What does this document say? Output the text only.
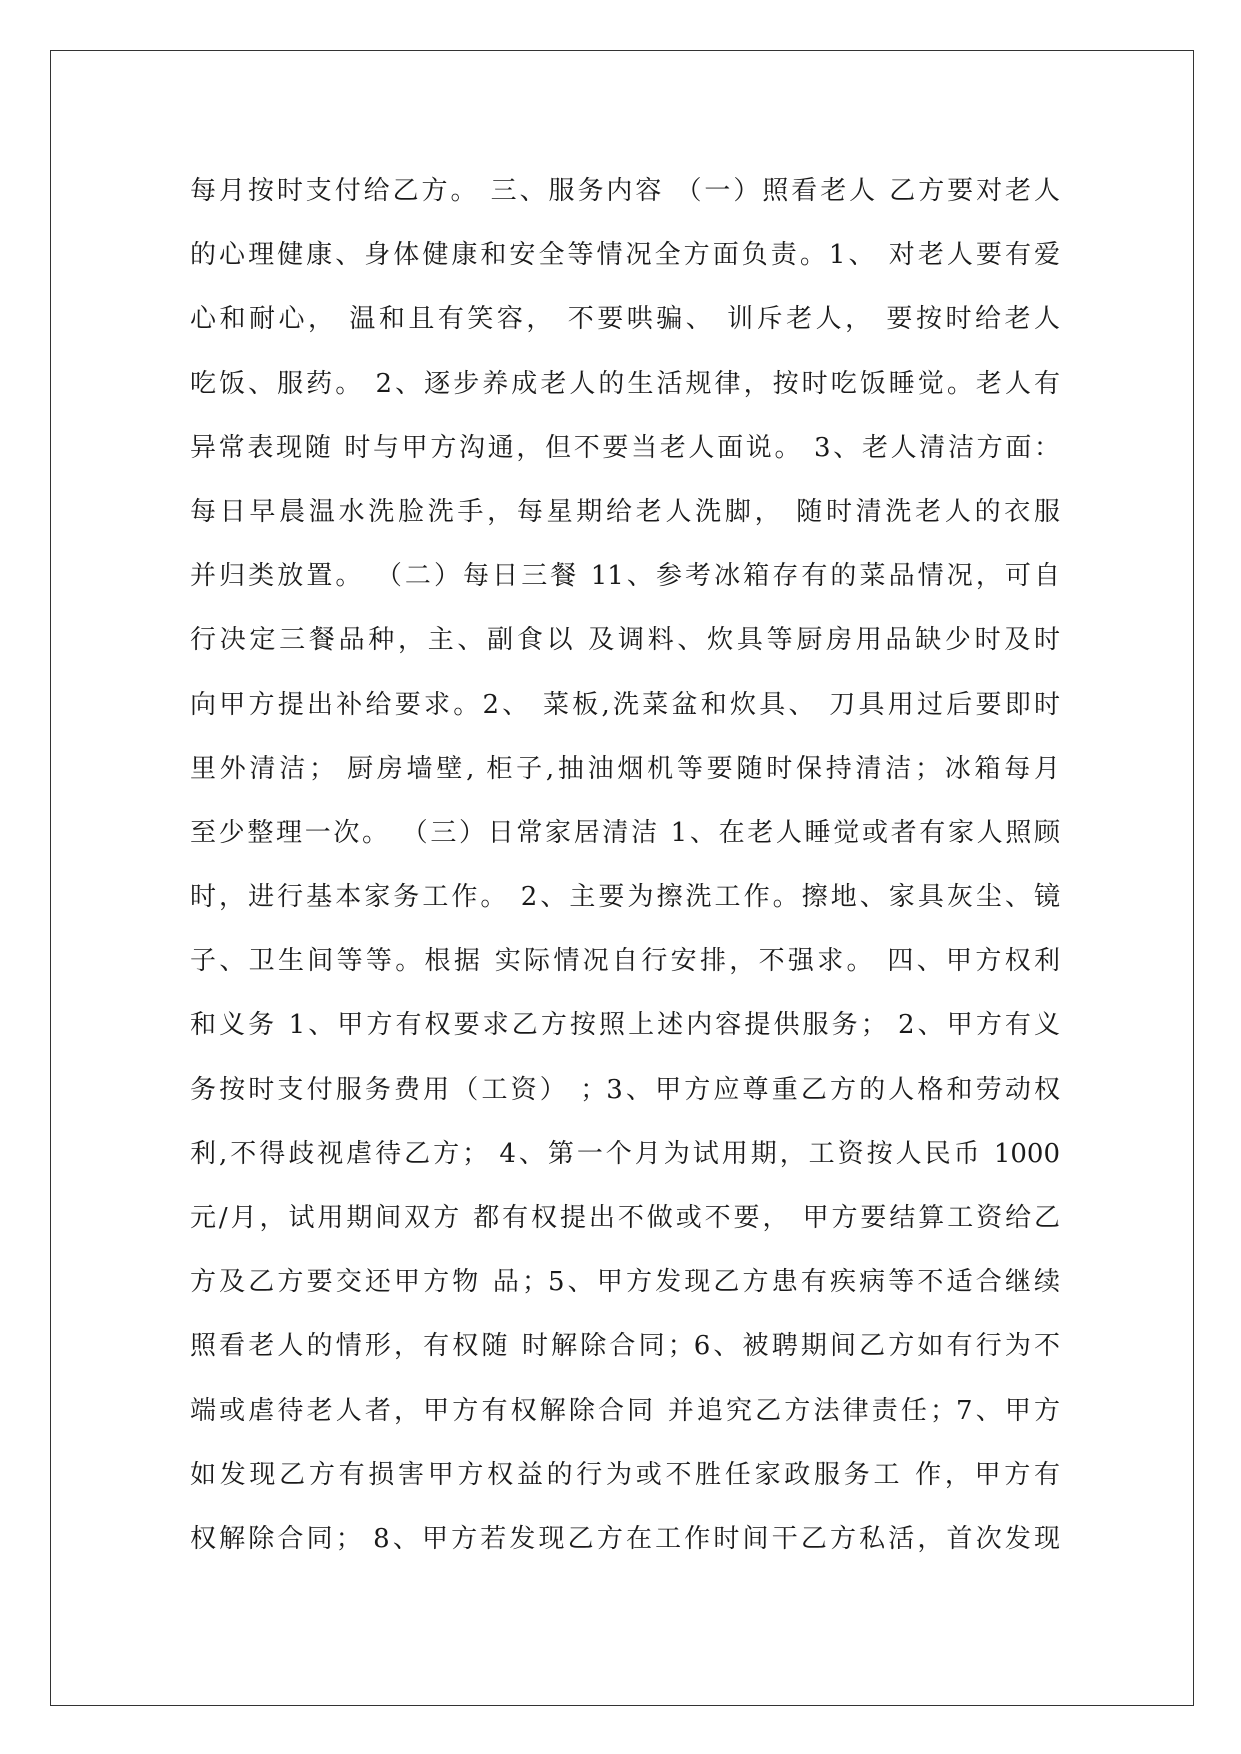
每月按时支付给乙方。 三、服务内容 （一）照看老人 乙方要对老人
的心理健康、身体健康和安全等情况全方面负责。1、 对老人要有爱
心和耐心， 温和且有笑容， 不要哄骗、 训斥老人， 要按时给老人
吃饭、服药。 2、逐步养成老人的生活规律，按时吃饭睡觉。老人有
异常表现随 时与甲方沟通，但不要当老人面说。 3、老人清洁方面：
每日早晨温水洗脸洗手，每星期给老人洗脚， 随时清洗老人的衣服
并归类放置。 （二）每日三餐 11、参考冰箱存有的菜品情况，可自
行决定三餐品种，主、副食以 及调料、炊具等厨房用品缺少时及时
向甲方提出补给要求。2、 菜板,洗菜盆和炊具、 刀具用过后要即时
里外清洁； 厨房墙壁, 柜子,抽油烟机等要随时保持清洁；冰箱每月
至少整理一次。 （三）日常家居清洁 1、在老人睡觉或者有家人照顾
时，进行基本家务工作。 2、主要为擦洗工作。擦地、家具灰尘、镜
子、卫生间等等。根据 实际情况自行安排，不强求。 四、甲方权利
和义务 1、甲方有权要求乙方按照上述内容提供服务； 2、甲方有义
务按时支付服务费用（工资） ；3、甲方应尊重乙方的人格和劳动权
利,不得歧视虐待乙方； 4、第一个月为试用期，工资按人民币 1000
元/月，试用期间双方 都有权提出不做或不要， 甲方要结算工资给乙
方及乙方要交还甲方物 品；5、甲方发现乙方患有疾病等不适合继续
照看老人的情形，有权随 时解除合同；6、被聘期间乙方如有行为不
端或虐待老人者，甲方有权解除合同 并追究乙方法律责任；7、甲方
如发现乙方有损害甲方权益的行为或不胜任家政服务工 作，甲方有
权解除合同； 8、甲方若发现乙方在工作时间干乙方私活，首次发现
